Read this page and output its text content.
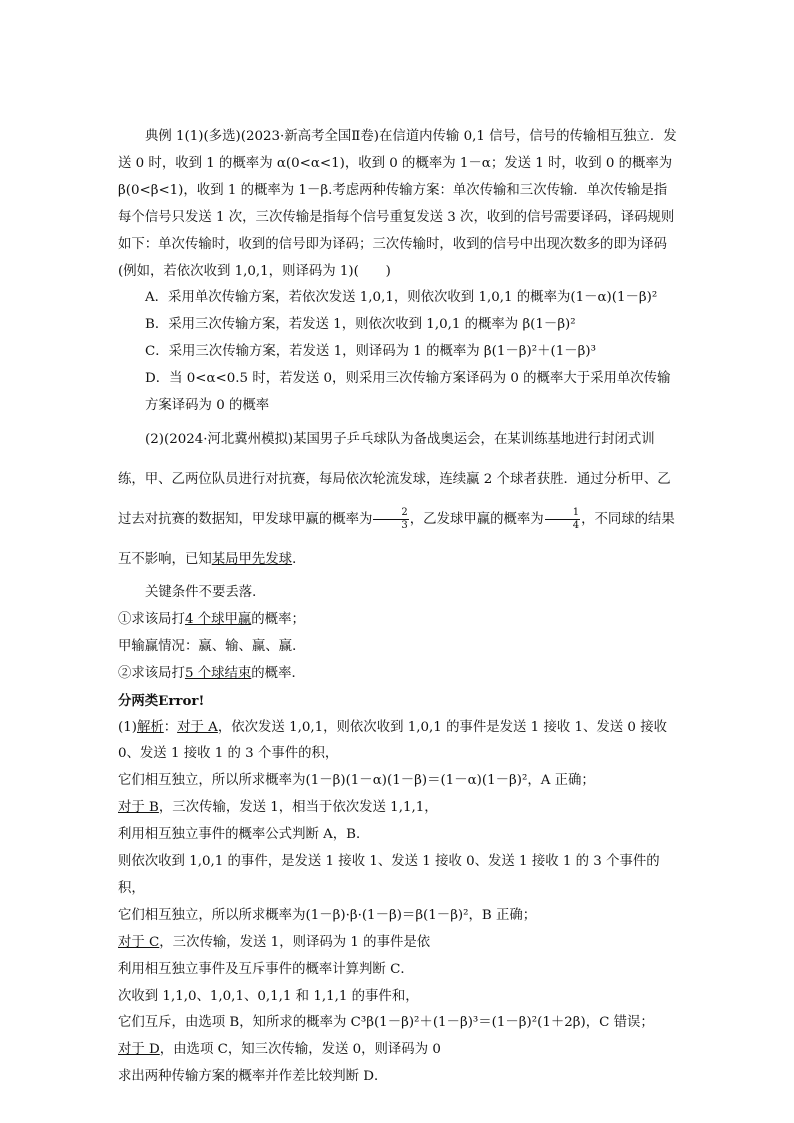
典例 1(1)(多选)(2023·新高考全国Ⅱ卷)在信道内传输 0,1 信号，信号的传输相互独立．发送 0 时，收到 1 的概率为 α(0<α<1)，收到 0 的概率为 1－α；发送 1 时，收到 0 的概率为 β(0<β<1)，收到 1 的概率为 1－β.考虑两种传输方案：单次传输和三次传输．单次传输是指每个信号只发送 1 次，三次传输是指每个信号重复发送 3 次，收到的信号需要译码，译码规则如下：单次传输时，收到的信号即为译码；三次传输时，收到的信号中出现次数多的即为译码(例如，若依次收到 1,0,1，则译码为 1)(　　)

A．采用单次传输方案，若依次发送 1,0,1，则依次收到 1,0,1 的概率为(1－α)(1－β)²

B．采用三次传输方案，若发送 1，则依次收到 1,0,1 的概率为 β(1－β)²

C．采用三次传输方案，若发送 1，则译码为 1 的概率为 β(1－β)²＋(1－β)³

D．当 0<α<0.5 时，若发送 0，则采用三次传输方案译码为 0 的概率大于采用单次传输方案译码为 0 的概率

(2)(2024·河北冀州模拟)某国男子乒乓球队为备战奥运会，在某训练基地进行封闭式训练，甲、乙两位队员进行对抗赛，每局依次轮流发球，连续赢 2 个球者获胜．通过分析甲、乙过去对抗赛的数据知，甲发球甲赢的概率为 $\frac{2}{3}$ ，乙发球甲赢的概率为 $\frac{1}{4}$ ，不同球的结果互不影响，已知某局甲先发球．

关键条件不要丢落．

①求该局打4 个球甲赢的概率；

甲输赢情况：赢、输、赢、赢．

②求该局打5 个球结束的概率．

分两类Error!

(1)解析：对于 A，依次发送 1,0,1，则依次收到 1,0,1 的事件是发送 1 接收 1、发送 0 接收 0、发送 1 接收 1 的 3 个事件的积，

它们相互独立，所以所求概率为(1－β)(1－α)(1－β)＝(1－α)(1－β)²，A 正确；

对于 B，三次传输，发送 1，相当于依次发送 1,1,1，

利用相互独立事件的概率公式判断 A，B．

则依次收到 1,0,1 的事件，是发送 1 接收 1、发送 1 接收 0、发送 1 接收 1 的 3 个事件的积，

它们相互独立，所以所求概率为(1－β)·β·(1－β)＝β(1－β)²，B 正确；

对于 C，三次传输，发送 1，则译码为 1 的事件是依

利用相互独立事件及互斥事件的概率计算判断 C．

次收到 1,1,0、1,0,1、0,1,1 和 1,1,1 的事件和，

它们互斥，由选项 B，知所求的概率为 C³β(1－β)²＋(1－β)³＝(1－β)²(1＋2β)，C 错误；

对于 D，由选项 C，知三次传输，发送 0，则译码为 0

求出两种传输方案的概率并作差比较判断 D．
